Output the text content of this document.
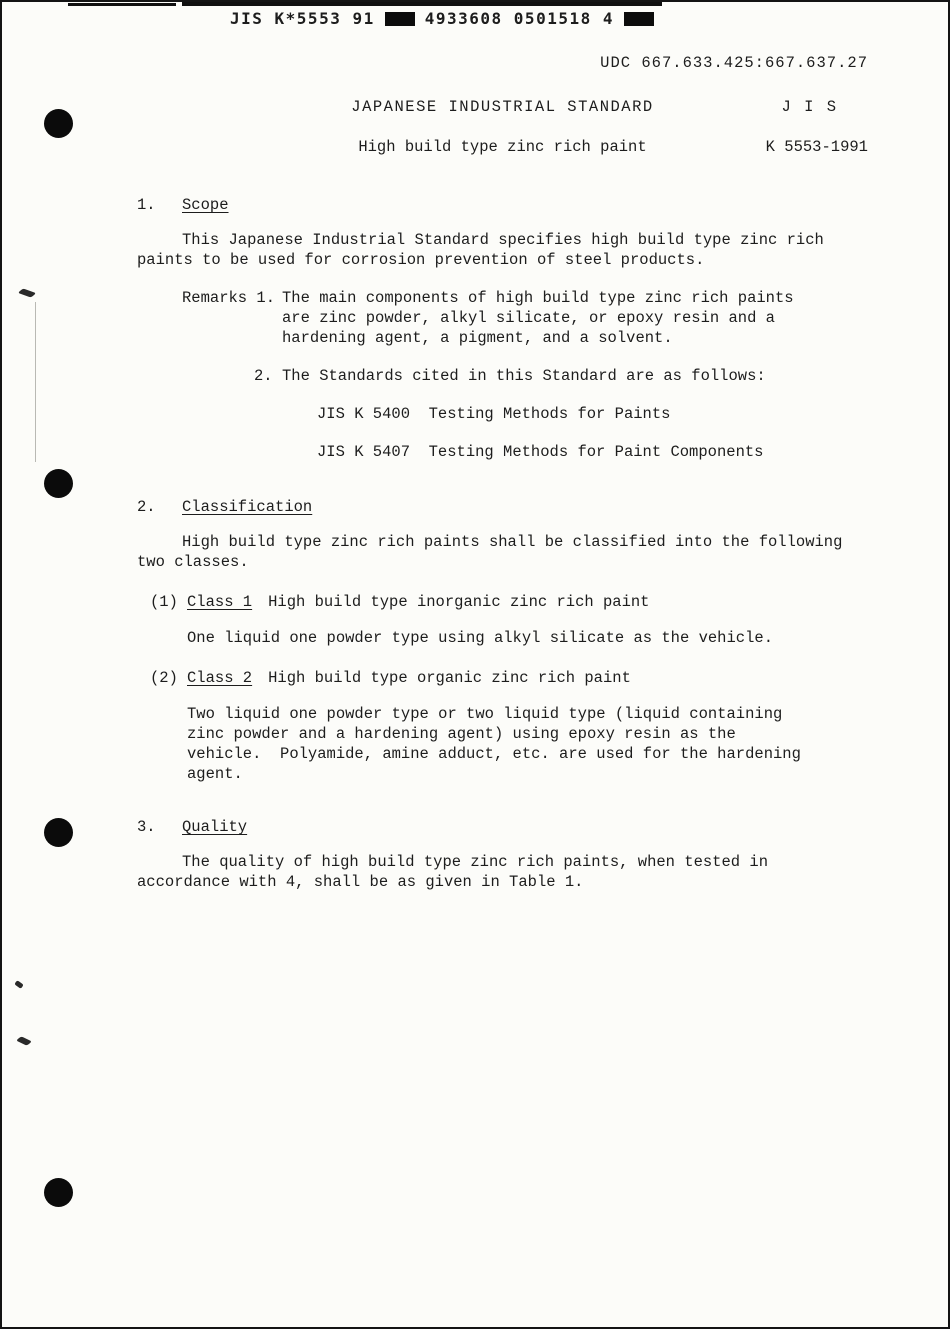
JIS K*5553 91	4933608 0501518 4

UDC 667.633.425:667.637.27

JAPANESE INDUSTRIAL STANDARD	J I S
High build type zinc rich paint	K 5553-1991
1. Scope

This Japanese Industrial Standard specifies high build type zinc rich paints to be used for corrosion prevention of steel products.

Remarks 1. The main components of high build type zinc rich paints are zinc powder, alkyl silicate, or epoxy resin and a hardening agent, a pigment, and a solvent.
2. The Standards cited in this Standard are as follows:

JIS K 5400  Testing Methods for Paints

JIS K 5407  Testing Methods for Paint Components

2. Classification

High build type zinc rich paints shall be classified into the following two classes.

(1) Class 1 High build type inorganic zinc rich paint

One liquid one powder type using alkyl silicate as the vehicle.

(2) Class 2 High build type organic zinc rich paint

Two liquid one powder type or two liquid type (liquid containing zinc powder and a hardening agent) using epoxy resin as the vehicle.  Polyamide, amine adduct, etc. are used for the hardening agent.

3. Quality

The quality of high build type zinc rich paints, when tested in accordance with 4, shall be as given in Table 1.
